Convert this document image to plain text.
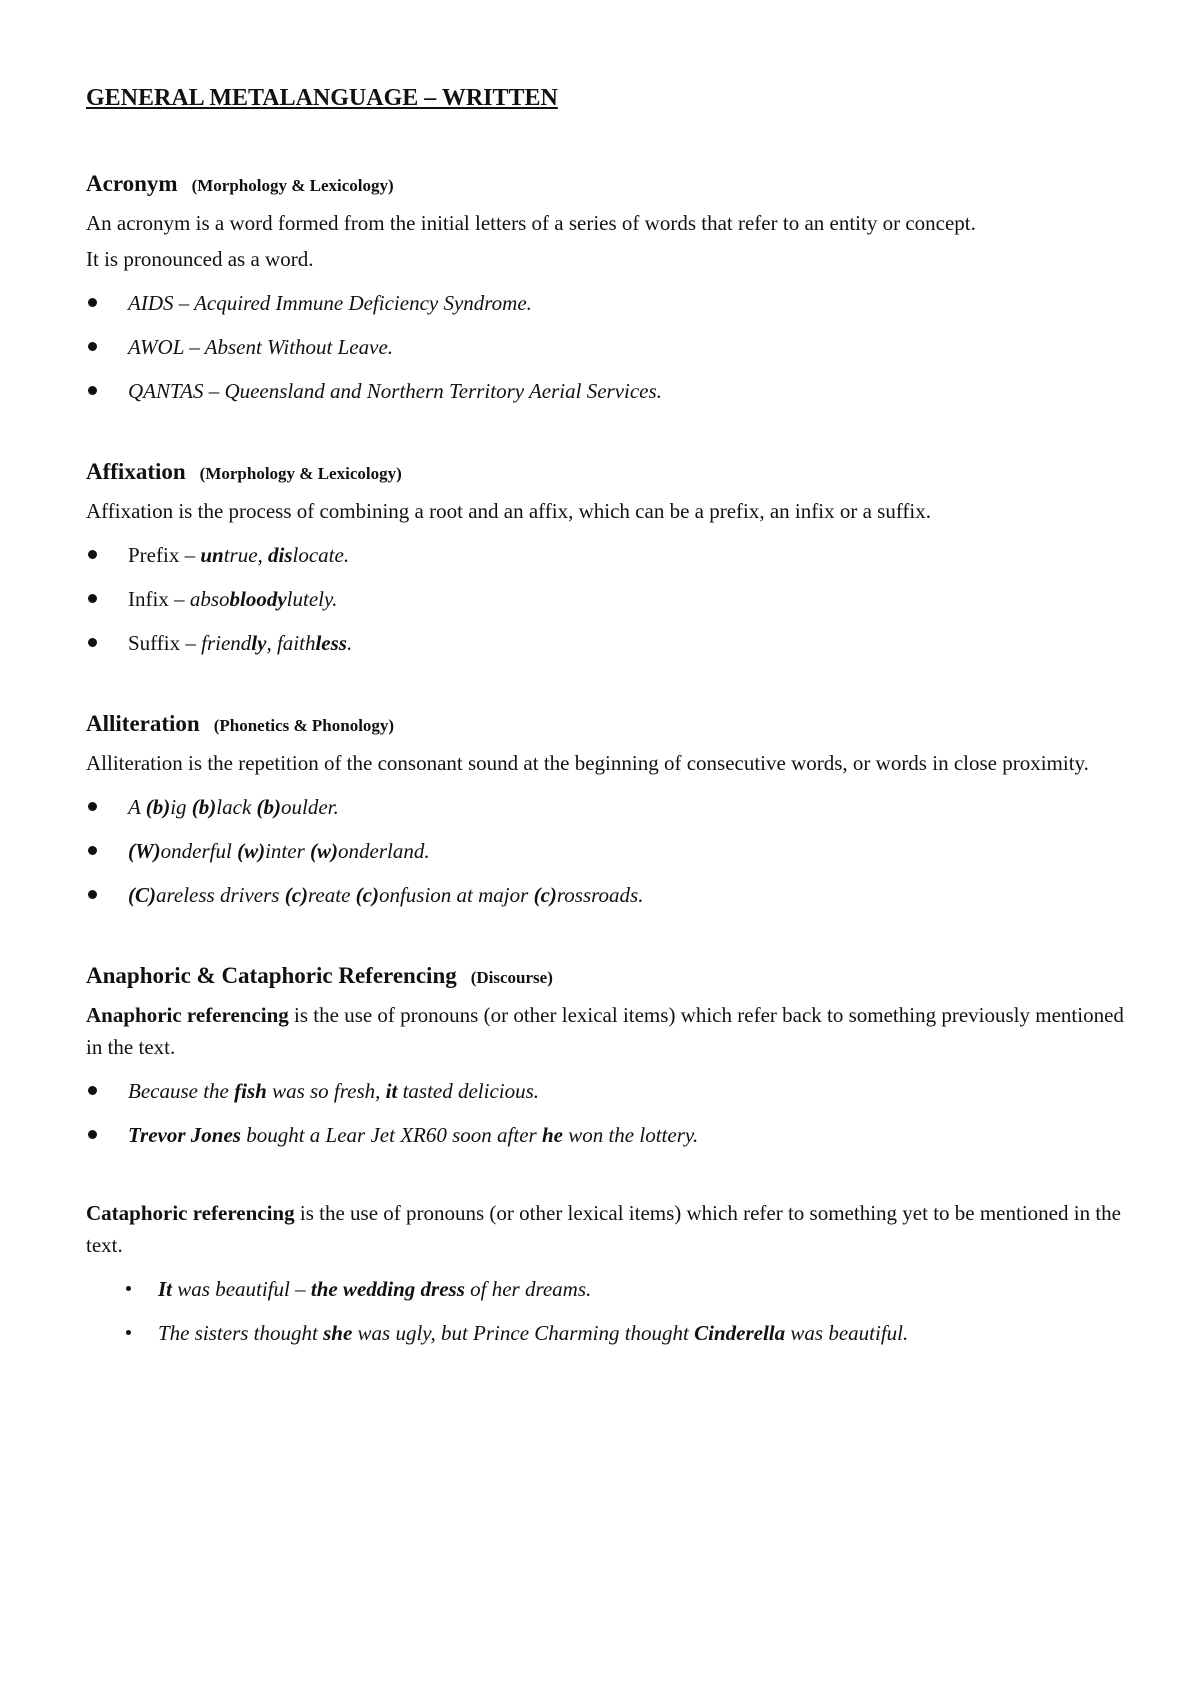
GENERAL METALANGUAGE – WRITTEN
Acronym (Morphology & Lexicology)

An acronym is a word formed from the initial letters of a series of words that refer to an entity or concept.

It is pronounced as a word.

AIDS – Acquired Immune Deficiency Syndrome.
AWOL – Absent Without Leave.
QANTAS – Queensland and Northern Territory Aerial Services.
Affixation (Morphology & Lexicology)

Affixation is the process of combining a root and an affix, which can be a prefix, an infix or a suffix.

Prefix – untrue, dislocate.
Infix – absobloodylutely.
Suffix – friendly, faithless.
Alliteration (Phonetics & Phonology)

Alliteration is the repetition of the consonant sound at the beginning of consecutive words, or words in close proximity.

A (b)ig (b)lack (b)oulder.
(W)onderful (w)inter (w)onderland.
(C)areless drivers (c)reate (c)onfusion at major (c)rossroads.
Anaphoric & Cataphoric Referencing (Discourse)

Anaphoric referencing is the use of pronouns (or other lexical items) which refer back to something previously mentioned in the text.

Because the fish was so fresh, it tasted delicious.
Trevor Jones bought a Lear Jet XR60 soon after he won the lottery.

Cataphoric referencing is the use of pronouns (or other lexical items) which refer to something yet to be mentioned in the text.

It was beautiful – the wedding dress of her dreams.
The sisters thought she was ugly, but Prince Charming thought Cinderella was beautiful.
